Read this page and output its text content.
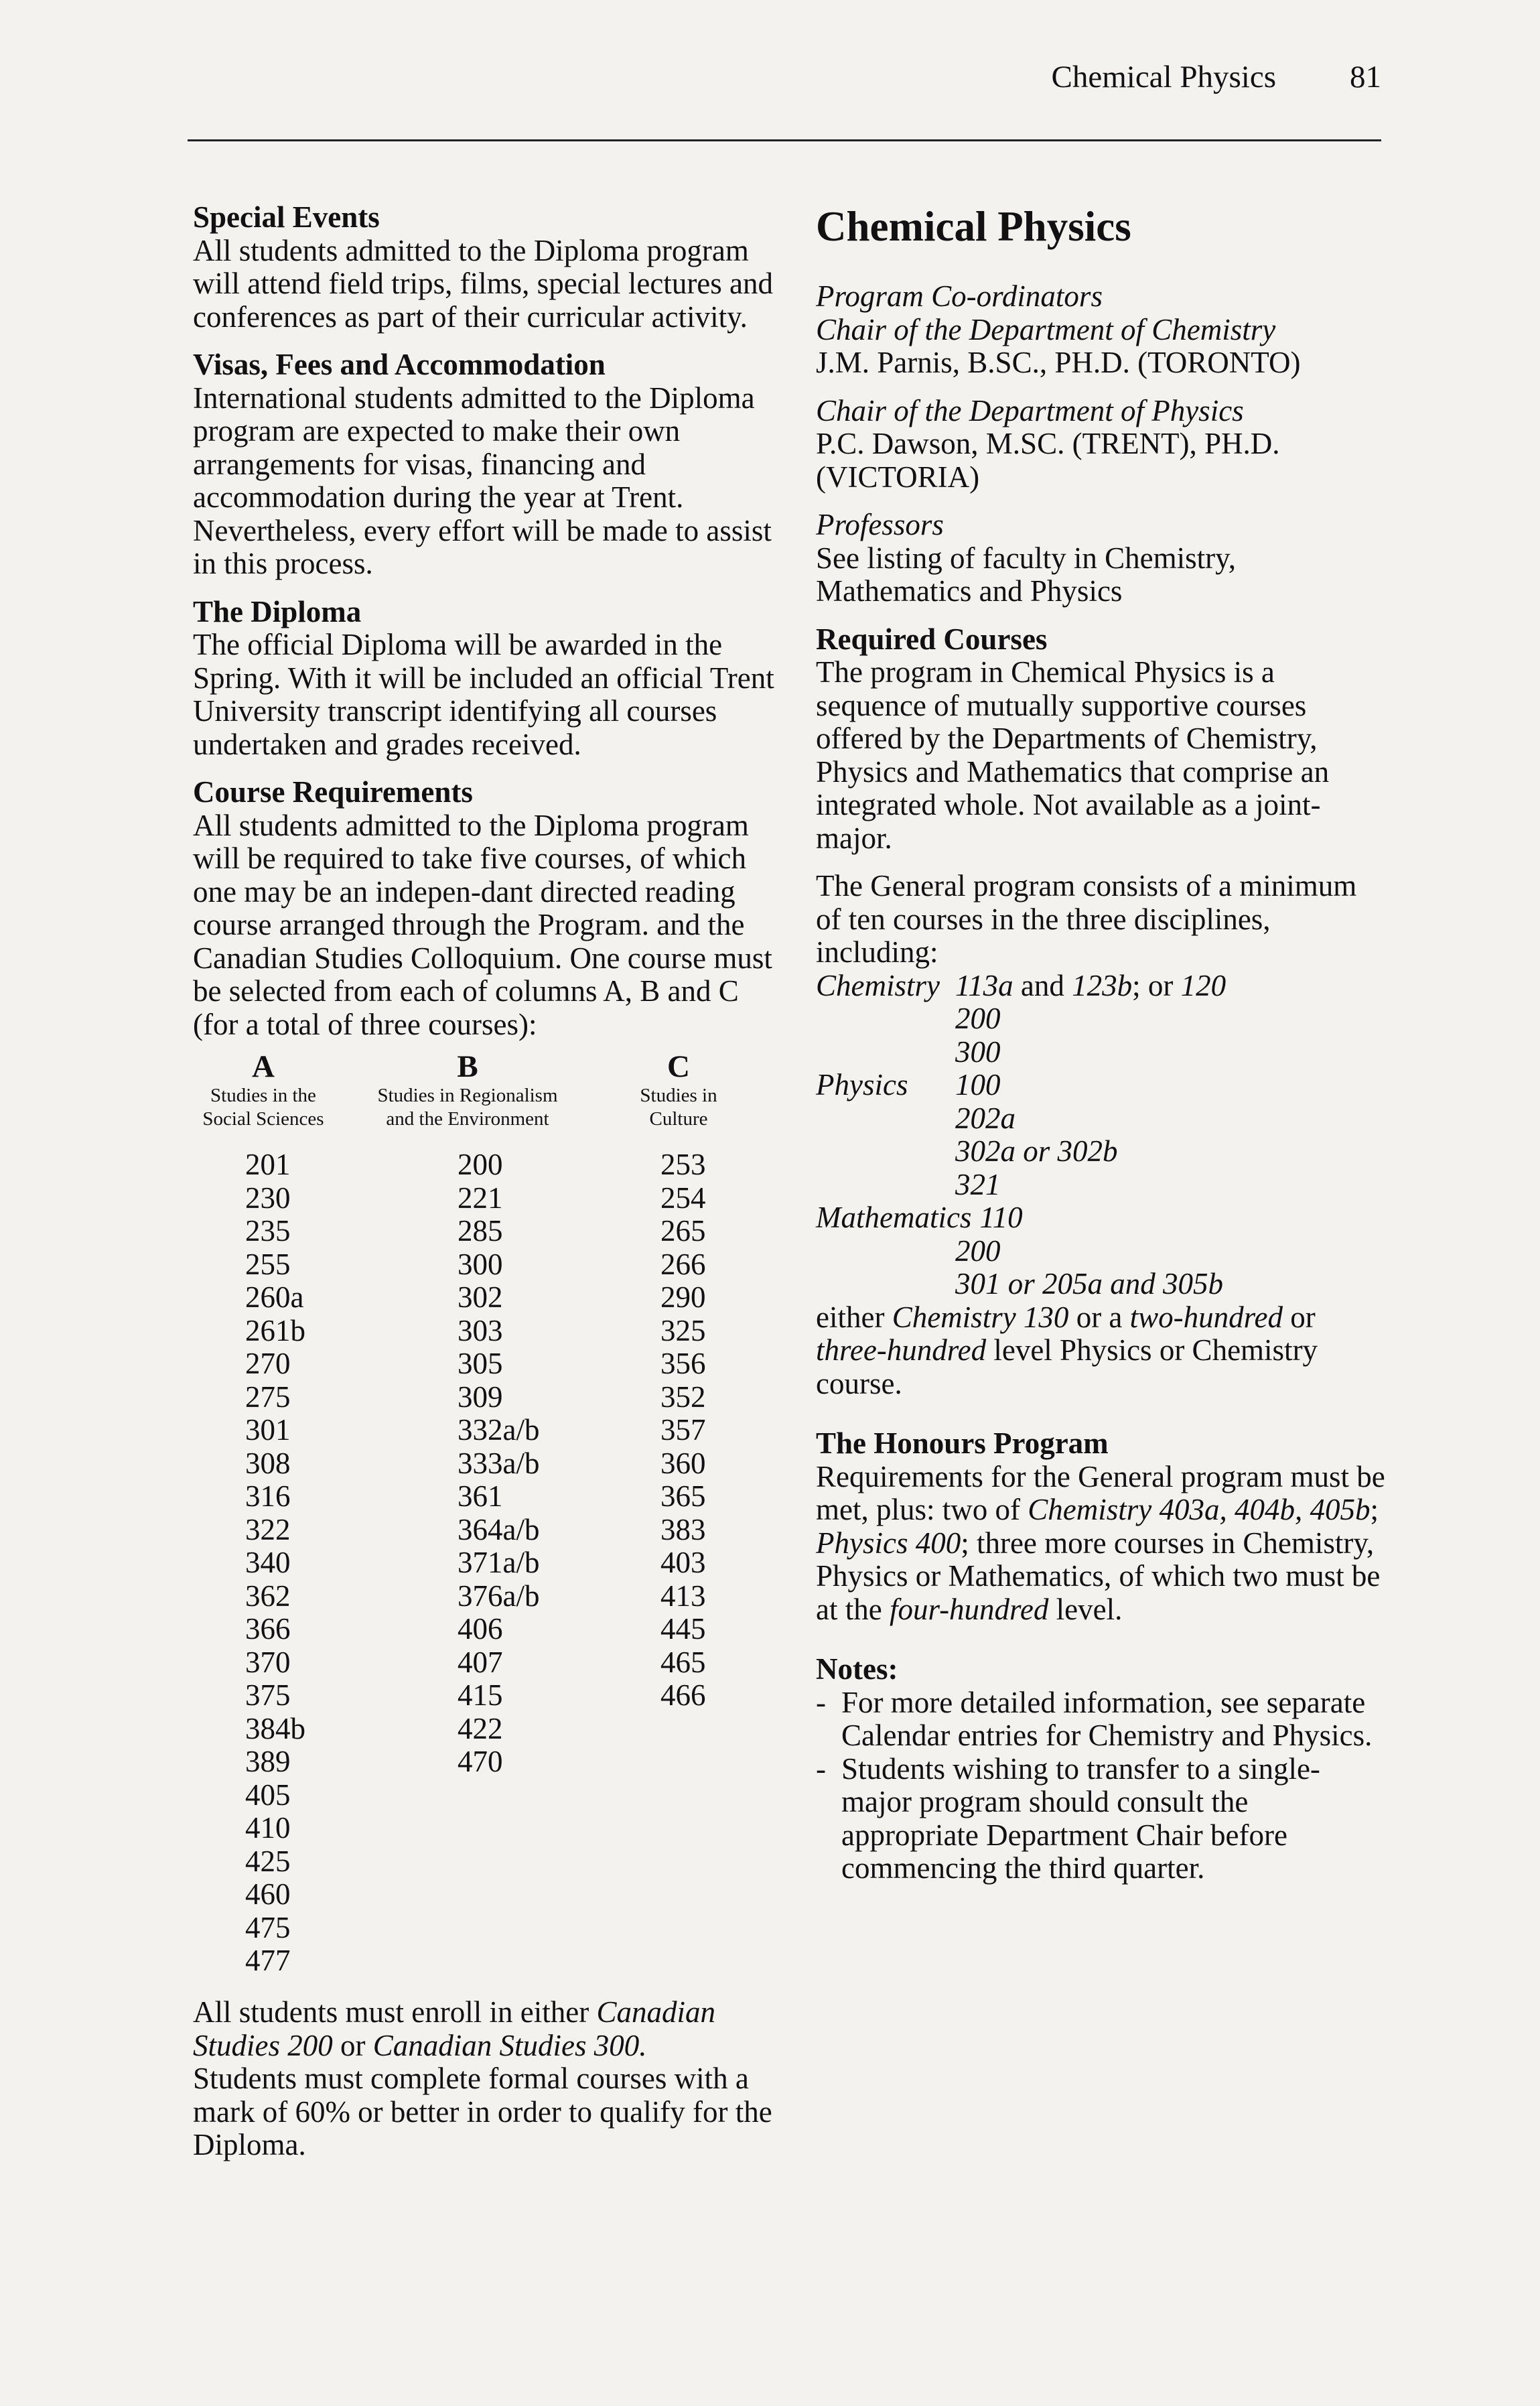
Chemical Physics 81

Special Events

All students admitted to the Diploma program will attend field trips, films, special lectures and conferences as part of their curricular activity.

Visas, Fees and Accommodation

International students admitted to the Diploma program are expected to make their own arrangements for visas, financing and accommodation during the year at Trent. Nevertheless, every effort will be made to assist in this process.

The Diploma

The official Diploma will be awarded in the Spring. With it will be included an official Trent University transcript identifying all courses undertaken and grades received.

Course Requirements

All students admitted to the Diploma program will be required to take five courses, of which one may be an indepen-dant directed reading course arranged through the Program. and the Canadian Studies Colloquium. One course must be selected from each of columns A, B and C (for a total of three courses):

A
Studies in the
Social Sciences
B
Studies in Regionalism
and the Environment
C
Studies in
Culture
201
230
235
255
260a
261b
270
275
301
308
316
322
340
362
366
370
375
384b
389
405
410
425
460
475
477
200
221
285
300
302
303
305
309
332a/b
333a/b
361
364a/b
371a/b
376a/b
406
407
415
422
470
253
254
265
266
290
325
356
352
357
360
365
383
403
413
445
465
466

All students must enroll in either Canadian Studies 200 or Canadian Studies 300.

Students must complete formal courses with a mark of 60% or better in order to qualify for the Diploma.

Chemical Physics

Program Co-ordinators

Chair of the Department of Chemistry

J.M. Parnis, B.SC., PH.D. (TORONTO)

Chair of the Department of Physics

P.C. Dawson, M.SC. (TRENT), PH.D. (VICTORIA)

Professors

See listing of faculty in Chemistry, Mathematics and Physics

Required Courses

The program in Chemical Physics is a sequence of mutually supportive courses offered by the Departments of Chemistry, Physics and Mathematics that comprise an integrated whole. Not available as a joint-major.

The General program consists of a minimum of ten courses in the three disciplines, including:

Chemistry 113a and 123b; or 120
200
300
Physics	100
202a
302a or 302b
321
Mathematics 110
200
301 or 205a and 305b

either Chemistry 130 or a two-hundred or three-hundred level Physics or Chemistry course.

The Honours Program

Requirements for the General program must be met, plus: two of Chemistry 403a, 404b, 405b; Physics 400; three more courses in Chemistry, Physics or Mathematics, of which two must be at the four-hundred level.

Notes:

- For more detailed information, see separate Calendar entries for Chemistry and Physics.
- Students wishing to transfer to a single-major program should consult the appropriate Department Chair before commencing the third quarter.
